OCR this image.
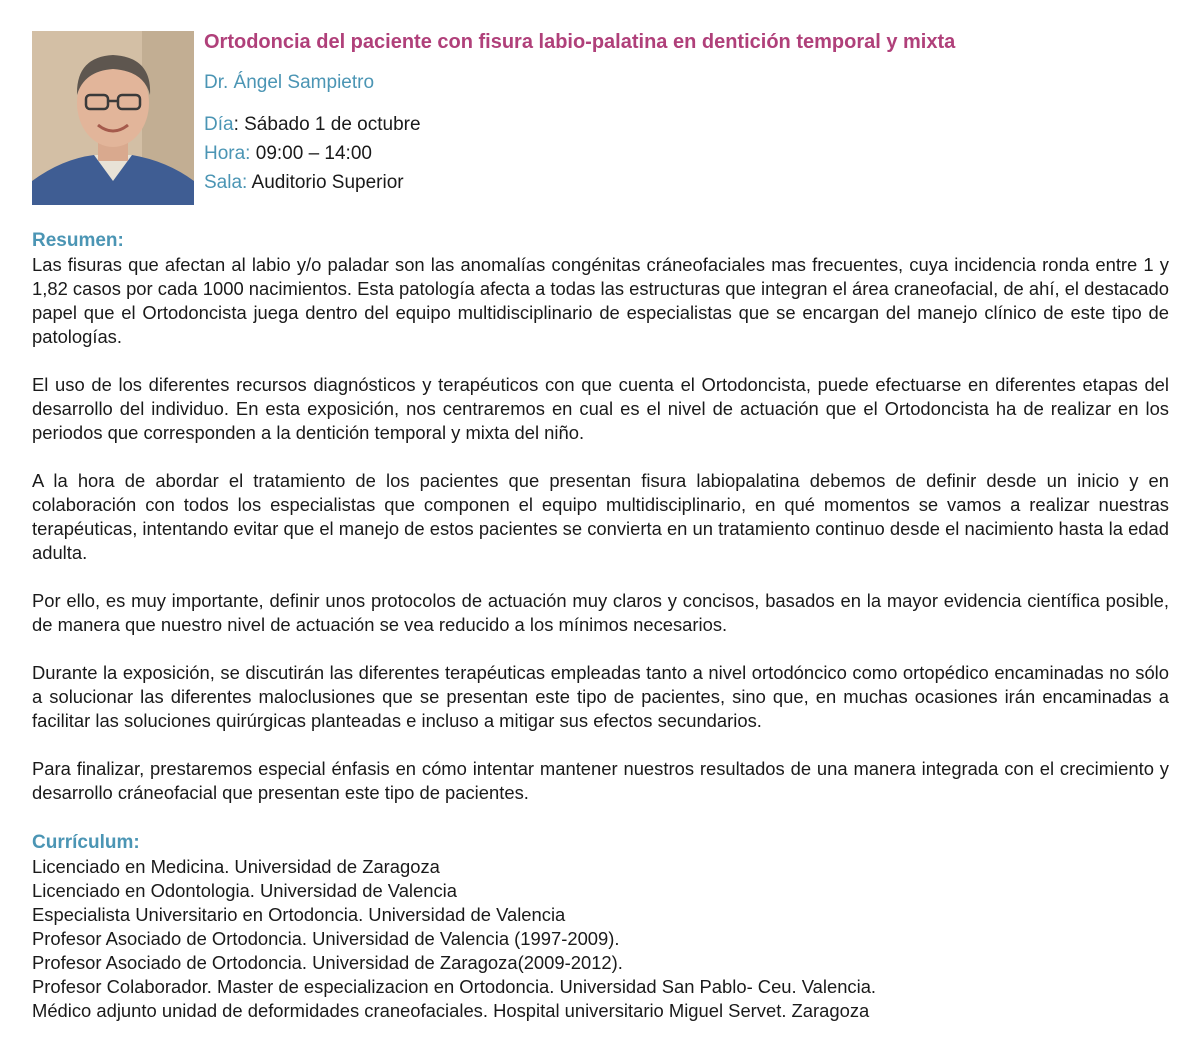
Ortodoncia del paciente con fisura labio-palatina en dentición temporal y mixta
Dr. Ángel Sampietro
Día: Sábado 1 de octubre
Hora: 09:00 – 14:00
Sala: Auditorio Superior
Resumen:

Las fisuras que afectan al labio y/o paladar son las anomalías congénitas cráneofaciales mas frecuentes, cuya incidencia ronda entre 1 y 1,82 casos por cada 1000 nacimientos. Esta patología afecta a todas las estructuras que integran el área craneofacial, de ahí, el destacado papel que el Ortodoncista juega dentro del equipo multidisciplinario de especialistas que se encargan del manejo clínico de este tipo de patologías.

El uso de los diferentes recursos diagnósticos y terapéuticos con que cuenta el Ortodoncista, puede efectuarse en diferentes etapas del desarrollo del individuo. En esta exposición, nos centraremos en cual es el nivel de actuación que el Ortodoncista ha de realizar en los periodos que corresponden a la dentición temporal y mixta del niño.

A la hora de abordar el tratamiento de los pacientes que presentan fisura labiopalatina debemos de definir desde un inicio y en colaboración con todos los especialistas que componen el equipo multidisciplinario, en qué momentos se vamos a realizar nuestras terapéuticas, intentando evitar que el manejo de estos pacientes se convierta en un tratamiento continuo desde el nacimiento hasta la edad adulta.

Por ello, es muy importante, definir unos protocolos de actuación muy claros y concisos, basados en la mayor evidencia científica posible, de manera que nuestro nivel de actuación se vea reducido a los mínimos necesarios.

Durante la exposición, se discutirán las diferentes terapéuticas empleadas tanto a nivel ortodóncico como ortopédico encaminadas no sólo a solucionar las diferentes maloclusiones que se presentan este tipo de pacientes, sino que, en muchas ocasiones irán encaminadas a facilitar las soluciones quirúrgicas planteadas e incluso a mitigar sus efectos secundarios.

Para finalizar, prestaremos especial énfasis en cómo intentar mantener nuestros resultados de una manera integrada con el crecimiento y desarrollo cráneofacial que presentan este tipo de pacientes.

Currículum:
Licenciado en Medicina. Universidad de Zaragoza
Licenciado en Odontologia. Universidad de Valencia
Especialista Universitario en Ortodoncia. Universidad de Valencia
Profesor Asociado de Ortodoncia. Universidad de Valencia (1997-2009).
Profesor Asociado de Ortodoncia. Universidad de Zaragoza(2009-2012).
Profesor Colaborador. Master de especializacion en Ortodoncia. Universidad San Pablo- Ceu. Valencia.
Médico adjunto unidad de deformidades craneofaciales. Hospital universitario Miguel Servet. Zaragoza
